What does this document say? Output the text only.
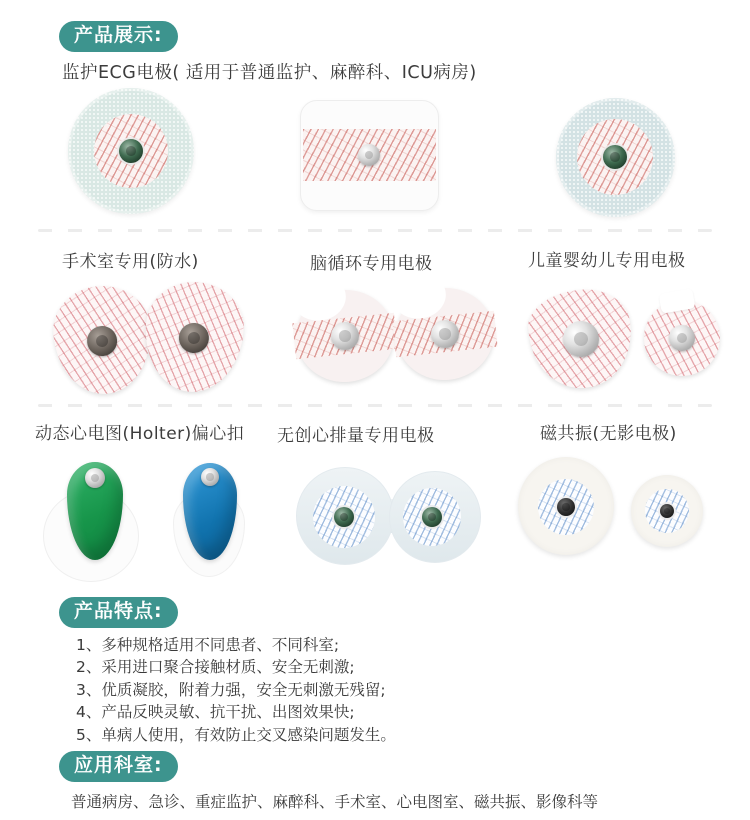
产品展示:
监护ECG电极( 适用于普通监护、麻醉科、ICU病房)
手术室专用(防水)	脑循环专用电极	儿童婴幼儿专用电极
动态心电图(Holter)偏心扣 无创心排量专用电极	磁共振(无影电极)
产品特点:
1、多种规格适用不同患者、不同科室;
2、采用进口聚合接触材质、安全无刺激;
3、优质凝胶，附着力强，安全无刺激无残留;
4、产品反映灵敏、抗干扰、出图效果快;
5、单病人使用，有效防止交叉感染问题发生。
应用科室:
普通病房、急诊、重症监护、麻醉科、手术室、心电图室、磁共振、影像科等
